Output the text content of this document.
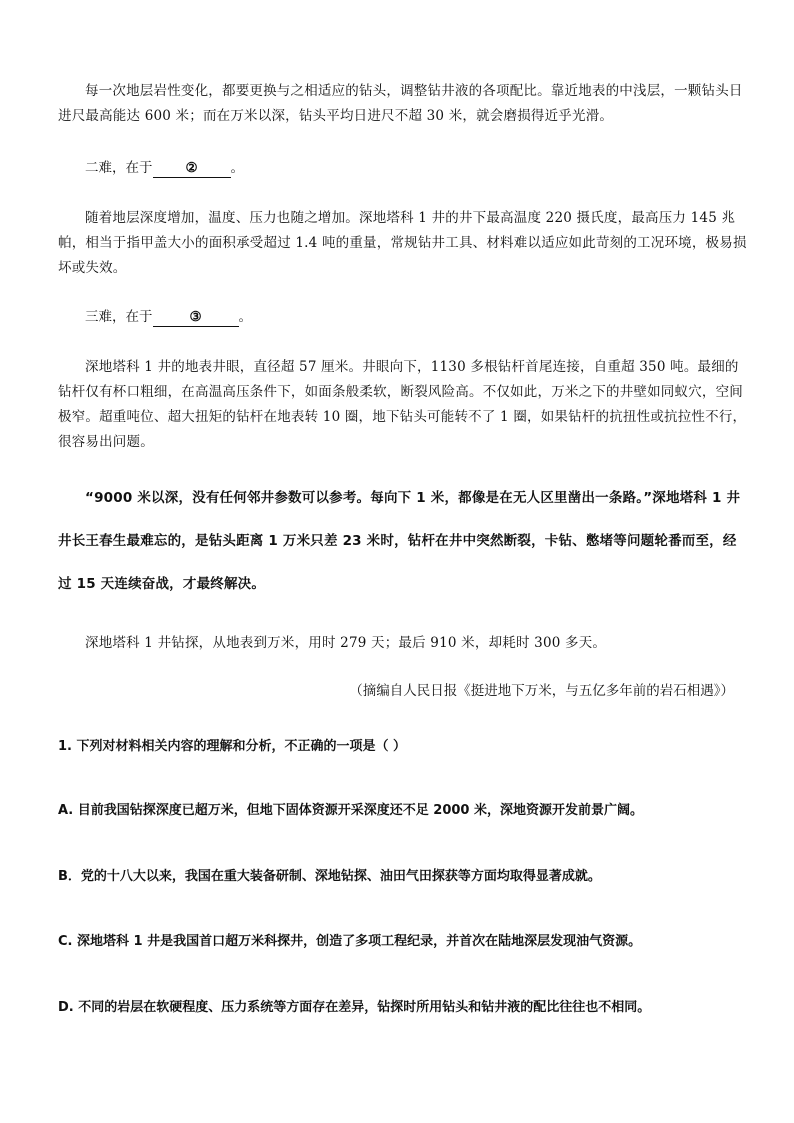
每一次地层岩性变化，都要更换与之相适应的钻头，调整钻井液的各项配比。靠近地表的中浅层，一颗钻头日进尺最高能达 600 米；而在万米以深，钻头平均日进尺不超 30 米，就会磨损得近乎光滑。

二难，在于 ② 。

随着地层深度增加，温度、压力也随之增加。深地塔科 1 井的井下最高温度 220 摄氏度，最高压力 145 兆帕，相当于指甲盖大小的面积承受超过 1.4 吨的重量，常规钻井工具、材料难以适应如此苛刻的工况环境，极易损坏或失效。

三难，在于	③	。

深地塔科 1 井的地表井眼，直径超 57 厘米。井眼向下，1130 多根钻杆首尾连接，自重超 350 吨。最细的钻杆仅有杯口粗细，在高温高压条件下，如面条般柔软，断裂风险高。不仅如此，万米之下的井壁如同蚁穴，空间极窄。超重吨位、超大扭矩的钻杆在地表转 10 圈，地下钻头可能转不了 1 圈，如果钻杆的抗扭性或抗拉性不行，很容易出问题。

“9000 米以深，没有任何邻井参数可以参考。每向下 1 米，都像是在无人区里凿出一条路。”深地塔科 1 井井长王春生最难忘的，是钻头距离 1 万米只差 23 米时，钻杆在井中突然断裂，卡钻、憋堵等问题轮番而至，经过 15 天连续奋战，才最终解决。

深地塔科 1 井钻探，从地表到万米，用时 279 天；最后 910 米，却耗时 300 多天。

（摘编自人民日报《挺进地下万米，与五亿多年前的岩石相遇》）

1. 下列对材料相关内容的理解和分析，不正确的一项是（ ）

A. 目前我国钻探深度已超万米，但地下固体资源开采深度还不足 2000 米，深地资源开发前景广阔。

B．党的十八大以来，我国在重大装备研制、深地钻探、油田气田探获等方面均取得显著成就。

C. 深地塔科 1 井是我国首口超万米科探井，创造了多项工程纪录，并首次在陆地深层发现油气资源。

D. 不同的岩层在软硬程度、压力系统等方面存在差异，钻探时所用钻头和钻井液的配比往往也不相同。
